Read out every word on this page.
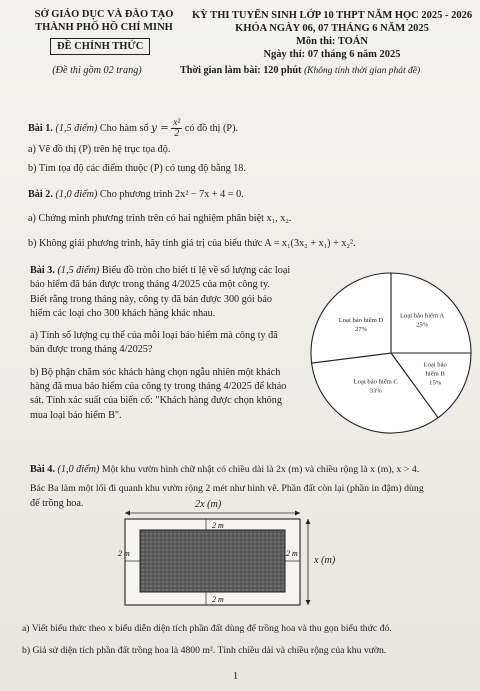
SỞ GIÁO DỤC VÀ ĐÀO TẠO
THÀNH PHỐ HỒ CHÍ MINH
ĐỀ CHÍNH THỨC
(Đề thi gồm 02 trang)
KỲ THI TUYỂN SINH LỚP 10 THPT NĂM HỌC 2025 - 2026
KHÓA NGÀY 06, 07 THÁNG 6 NĂM 2025
Môn thi: TOÁN
Ngày thi: 07 tháng 6 năm 2025
Thời gian làm bài: 120 phút (Không tính thời gian phát đề)
Bài 1. (1,5 điểm) Cho hàm số $y = \frac{\text{x²}}{2}$ có đồ thị (P).
a) Vẽ đồ thị (P) trên hệ trục tọa độ.
b) Tìm tọa độ các điểm thuộc (P) có tung độ bằng 18.
Bài 2. (1,0 điểm) Cho phương trình 2x² − 7x + 4 = 0.
a) Chứng minh phương trình trên có hai nghiệm phân biệt x₁, x₂.
b) Không giải phương trình, hãy tính giá trị của biểu thức A = x₁(3x₂ + x₁) + x₂².
Bài 3. (1,5 điểm) Biểu đồ tròn cho biết tỉ lệ về số lượng các loại
bảo hiểm đã bán được trong tháng 4/2025 của một công ty.
Biết rằng trong tháng này, công ty đã bán được 300 gói bảo
hiểm các loại cho 300 khách hàng khác nhau.
a) Tính số lượng cụ thể của mỗi loại bảo hiểm mà công ty đã
bán được trong tháng 4/2025?
b) Bộ phận chăm sóc khách hàng chọn ngẫu nhiên một khách
hàng đã mua bảo hiểm của công ty trong tháng 4/2025 để khảo
sát. Tính xác suất của biến cố: "Khách hàng được chọn không
mua loại bảo hiểm B".
Loại bảo hiểm A 25%
Loại bảo hiểm B 15%
Loại bảo hiểm C 33%
Loại bảo hiểm D 27%
Bài 4. (1,0 điểm) Một khu vườn hình chữ nhật có chiều dài là 2x (m) và chiều rộng là x (m), x > 4.
Bác Ba làm một lối đi quanh khu vườn rộng 2 mét như hình vẽ. Phần đất còn lại (phần in đậm) dùng
để trồng hoa.
2 m
2 m
2 m	2 m
2x (m)
x (m)
a) Viết biểu thức theo x biểu diễn diện tích phần đất dùng để trồng hoa và thu gọn biểu thức đó.
b) Giả sử diện tích phần đất trồng hoa là 4800 m². Tính chiều dài và chiều rộng của khu vườn.
1
